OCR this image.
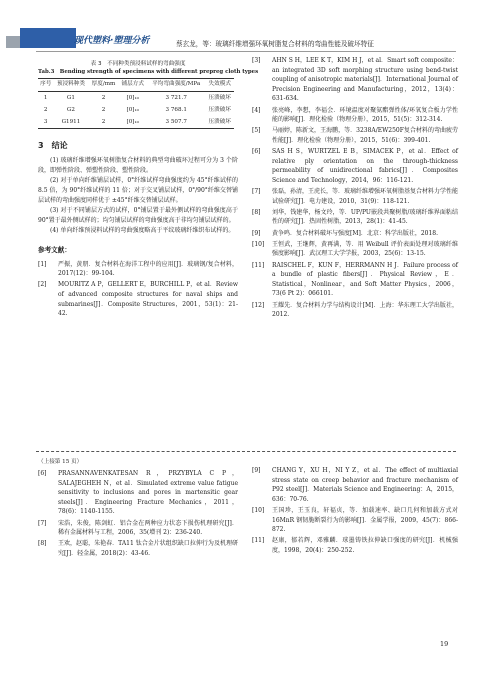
现代塑料·塑理分析	蔡玄龙，等：玻璃纤维增强环氧树脂复合材料的弯曲性能及破坏特征
表 3　不同种类预浸料试样的弯曲强度
Tab.3　Bending strength of specimens with different prepreg cloth types
序号	预浸料种类	厚度/mm	铺层方式	平均弯曲强度/MPa	失效模式
1	G1	2	[0]₁₀	3 721.7	压溃破坏
2	G2	2	[0]₁₀	3 768.1	压溃破坏
3	G1911	2	[0]₁₀	3 507.7	压溃破坏
3　结论

(1) 玻璃纤维增强环氧树脂复合材料的典型弯曲破坏过程可分为 3 个阶段，即弹性阶段、弹塑性阶段、塑性阶段。

(2) 对于单向纤维铺层试样，0°纤维试样弯曲强度约为 45°纤维试样的 8.5 倍，为 90°纤维试样的 11 倍；对于交叉铺层试样，0°/90°纤维交替铺层试样的弯曲强度同样优于 ±45°纤维交替铺层试样。

(3) 对于不同铺层方式的试样，0°铺层置于最外侧试样的弯曲强度高于 90°置于最外侧试样的；均匀铺层试样的弯曲强度高于非均匀铺层试样的。

(4) 单向纤维预浸料试样的弯曲强度略高于平纹玻璃纤维织布试样的。

参考文献：
[1]	严振，黄朋．复合材料在海洋工程中的应用[J]．玻璃钢/复合材料，2017(12)：99-104.
[2]	MOURITZ A P，GELLERT E，BURCHILL P，et al．Review of advanced composite structures for naval ships and submarines[J]．Composite Structures，2001，53(1)：21-42.
[3]	AHN S H，LEE K T，KIM H J，et al．Smart soft composite：an integrated 3D soft morphing structure using bend-twist coupling of anisotropic materials[J]．International Journal of Precision Engineering and Manufacturing，2012，13(4)：631-634.
[4]	张亮峰，李想，李福会．环境温度对聚氨酯弹性体/环氧复合板力学性能的影响[J]．理化检验（物理分册），2015，51(5)：312-314.
[5]	马丽婷，陈新文，王海鹏，等．3238A/EW250F复合材料的弯曲疲劳性能[J]．理化检验（物理分册），2015，51(6)：399-401.
[6]	SAS H S，WURTZEL E B，SIMACEK P，et al．Effect of relative ply orientation on the through-thickness permeability of unidirectional fabrics[J]．Composites Science and Technology，2014，96：116-121.
[7]	张磊，孙清，王虎长，等．玻璃纤维增强环氧树脂基复合材料力学性能试验研究[J]．电力建设，2010，31(9)：118-121.
[8]	刘华，钱建华，杨文玲，等．UP/PU嵌段共聚树脂/玻璃纤维界面粘结性的研究[J]．热固性树脂，2013，28(1)：41-45.
[9]	黄争鸣．复合材料破坏与强度[M]．北京：科学出版社，2018.
[10]	王恒武，王继辉，黄再满，等．用 Weibull 评价表面处理对玻璃纤维强度影响[J]．武汉理工大学学报，2003，25(6)：13-15.
[11]	RAISCHEL F，KUN F，HERRMANN H J．Failure process of a bundle of plastic fibers[J]．Physical Review，E．Statistical，Nonlinear，and Soft Matter Physics，2006，73(6 Pt 2)：066101.
[12]	王耀先．复合材料力学与结构设计[M]．上海：华东理工大学出版社，2012.
（上接第 15 页）
[6]	PRASANNAVENKATESAN R，PRZYBYLA C P，SALAJEGHEH N，et al．Simulated extreme value fatigue sensitivity to inclusions and pores in martensitic gear steels[J]．Engineering Fracture Mechanics，2011，78(6)：1140-1155.
[7]	宋浩，朱俊，陈剑虹．铝合金在两种应力状态下损伤机理研究[J]．稀有金属材料与工程，2006，35(增刊 2)：236-240.
[8]	王欢，赵聪，朱艳春．TA11 钛合金片状组织缺口拉伸行为及机理研究[J]．轻金属，2018(2)：43-46.
[9]	CHANG Y，XU H，NI Y Z，et al．The effect of multiaxial stress state on creep behavior and fracture mechanism of P92 steel[J]．Materials Science and Engineering：A，2015，636：70-76.
[10]	王国珍，王玉良，轩福贞，等．加载速率、缺口几何和加载方式对 16MnR 钢韧脆断裂行为的影响[J]．金属学报，2009，45(7)：866-872.
[11]	赵康，郁若辉，邓雅麟．球墨铸铁拉伸缺口强度的研究[J]．机械强度，1998，20(4)：250-252.
19
